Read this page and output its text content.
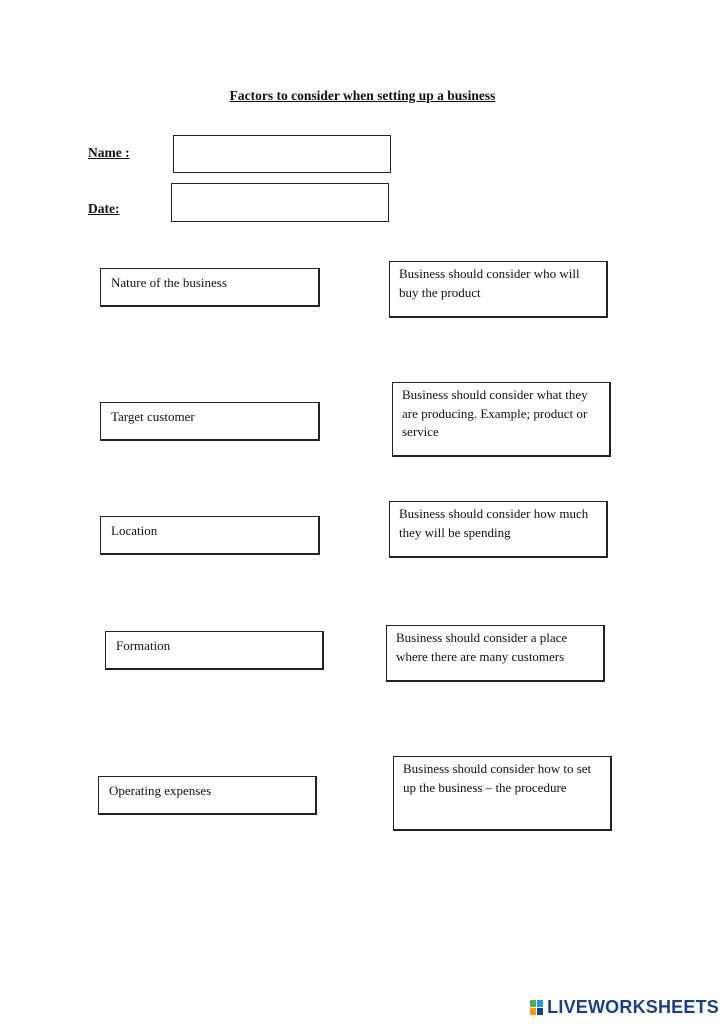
Factors to consider when setting up a business
Name :
Date:
Nature of the business
Target customer
Location
Formation
Operating expenses
Business should consider who will buy the product
Business should consider what they are producing. Example; product or service
Business should consider how much they will be spending
Business should consider a place where there are many customers
Business should consider how to set up the business – the procedure
LIVEWORKSHEETS
